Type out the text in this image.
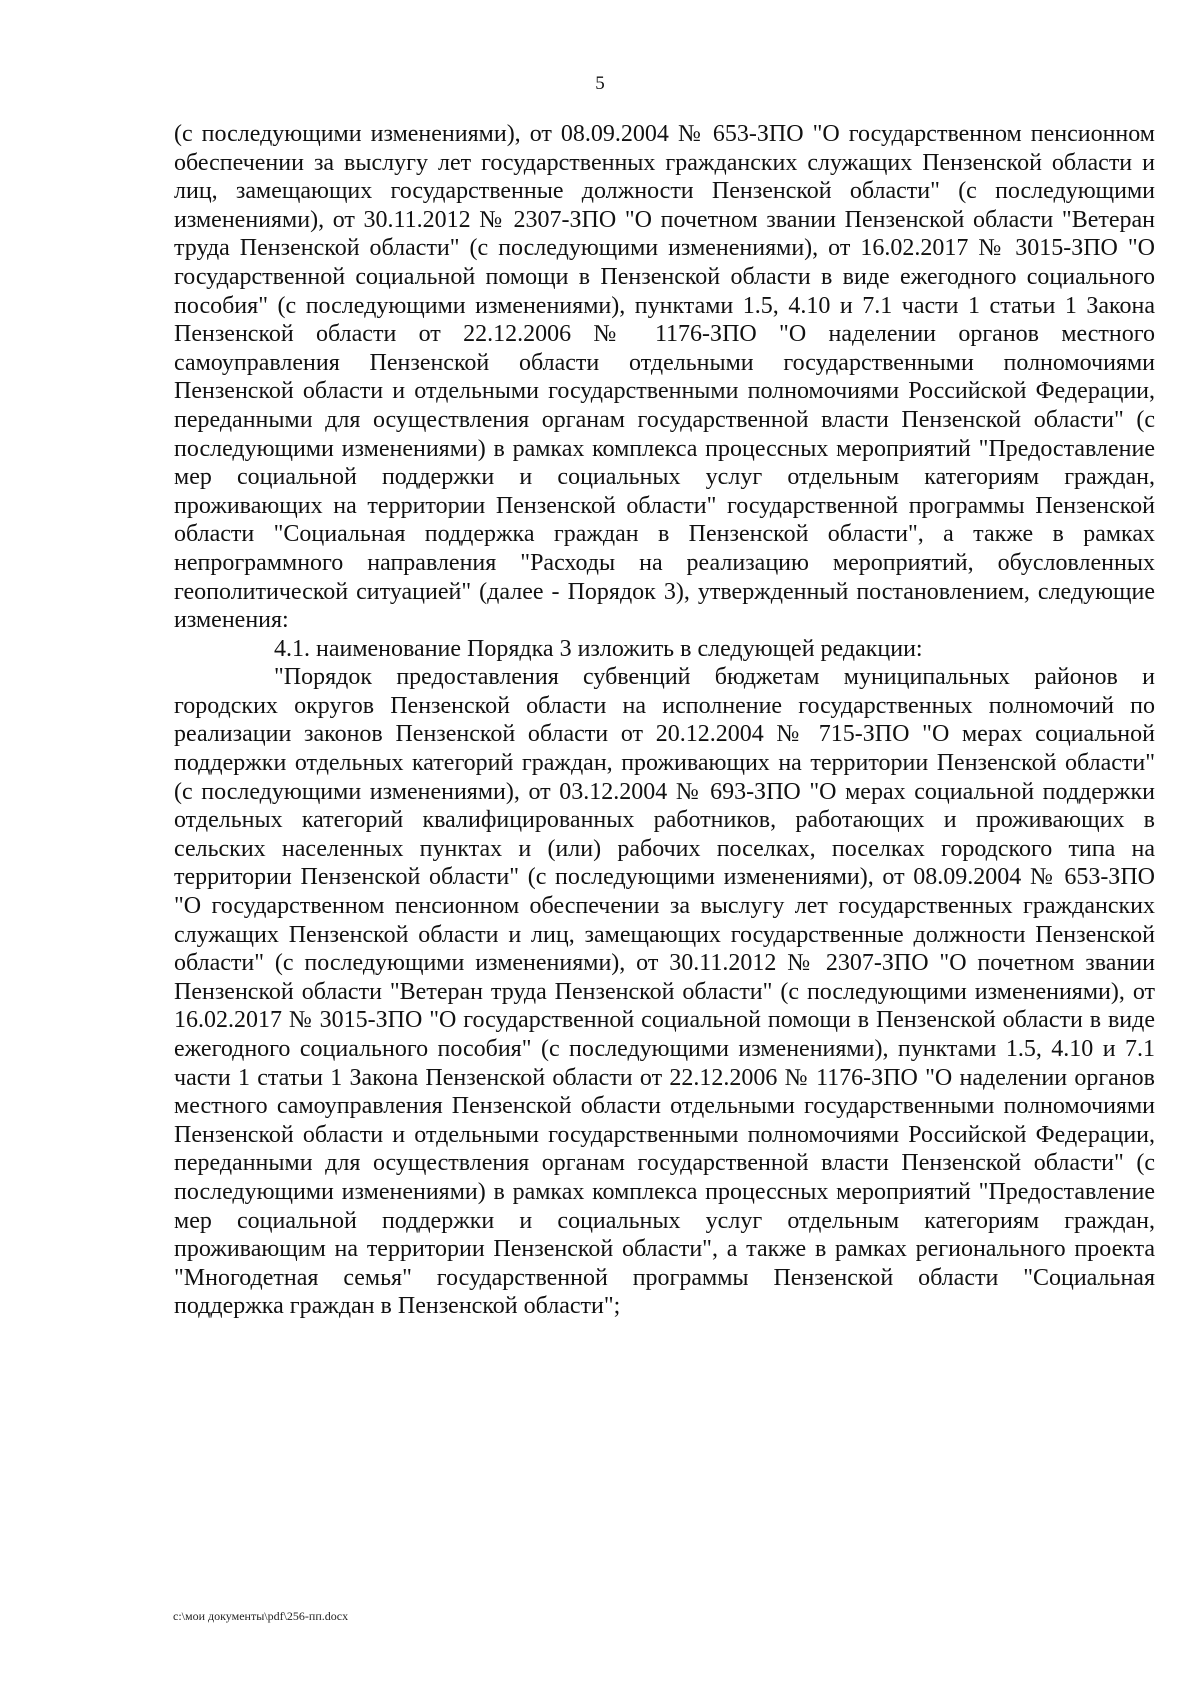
5

(с последующими изменениями), от 08.09.2004 № 653-ЗПО "О государственном пенсионном обеспечении за выслугу лет государственных гражданских служащих Пензенской области и лиц, замещающих государственные должности Пензенской области" (с последующими изменениями), от 30.11.2012 № 2307-ЗПО "О почетном звании Пензенской области "Ветеран труда Пензенской области" (с последующими изменениями), от 16.02.2017 № 3015-ЗПО "О государственной социальной помощи в Пензенской области в виде ежегодного социального пособия" (с последующими изменениями), пунктами 1.5, 4.10 и 7.1 части 1 статьи 1 Закона Пензенской области от 22.12.2006 № 1176-ЗПО "О наделении органов местного самоуправления Пензенской области отдельными государственными полномочиями Пензенской области и отдельными государственными полномочиями Российской Федерации, переданными для осуществления органам государственной власти Пензенской области" (с последующими изменениями) в рамках комплекса процессных мероприятий "Предоставление мер социальной поддержки и социальных услуг отдельным категориям граждан, проживающих на территории Пензенской области" государственной программы Пензенской области "Социальная поддержка граждан в Пензенской области", а также в рамках непрограммного направления "Расходы на реализацию мероприятий, обусловленных геополитической ситуацией" (далее - Порядок 3), утвержденный постановлением, следующие изменения:

4.1. наименование Порядка 3 изложить в следующей редакции:

"Порядок предоставления субвенций бюджетам муниципальных районов и городских округов Пензенской области на исполнение государственных полномочий по реализации законов Пензенской области от 20.12.2004 № 715-ЗПО "О мерах социальной поддержки отдельных категорий граждан, проживающих на территории Пензенской области" (с последующими изменениями), от 03.12.2004 № 693-ЗПО "О мерах социальной поддержки отдельных категорий квалифицированных работников, работающих и проживающих в сельских населенных пунктах и (или) рабочих поселках, поселках городского типа на территории Пензенской области" (с последующими изменениями), от 08.09.2004 № 653-ЗПО "О государственном пенсионном обеспечении за выслугу лет государственных гражданских служащих Пензенской области и лиц, замещающих государственные должности Пензенской области" (с последующими изменениями), от 30.11.2012 № 2307-ЗПО "О почетном звании Пензенской области "Ветеран труда Пензенской области" (с последующими изменениями), от 16.02.2017 № 3015-ЗПО "О государственной социальной помощи в Пензенской области в виде ежегодного социального пособия" (с последующими изменениями), пунктами 1.5, 4.10 и 7.1 части 1 статьи 1 Закона Пензенской области от 22.12.2006 № 1176-ЗПО "О наделении органов местного самоуправления Пензенской области отдельными государственными полномочиями Пензенской области и отдельными государственными полномочиями Российской Федерации, переданными для осуществления органам государственной власти Пензенской области" (с последующими изменениями) в рамках комплекса процессных мероприятий "Предоставление мер социальной поддержки и социальных услуг отдельным категориям граждан, проживающим на территории Пензенской области", а также в рамках регионального проекта "Многодетная семья" государственной программы Пензенской области "Социальная поддержка граждан в Пензенской области";

c:\мои документы\pdf\256-пп.docx
